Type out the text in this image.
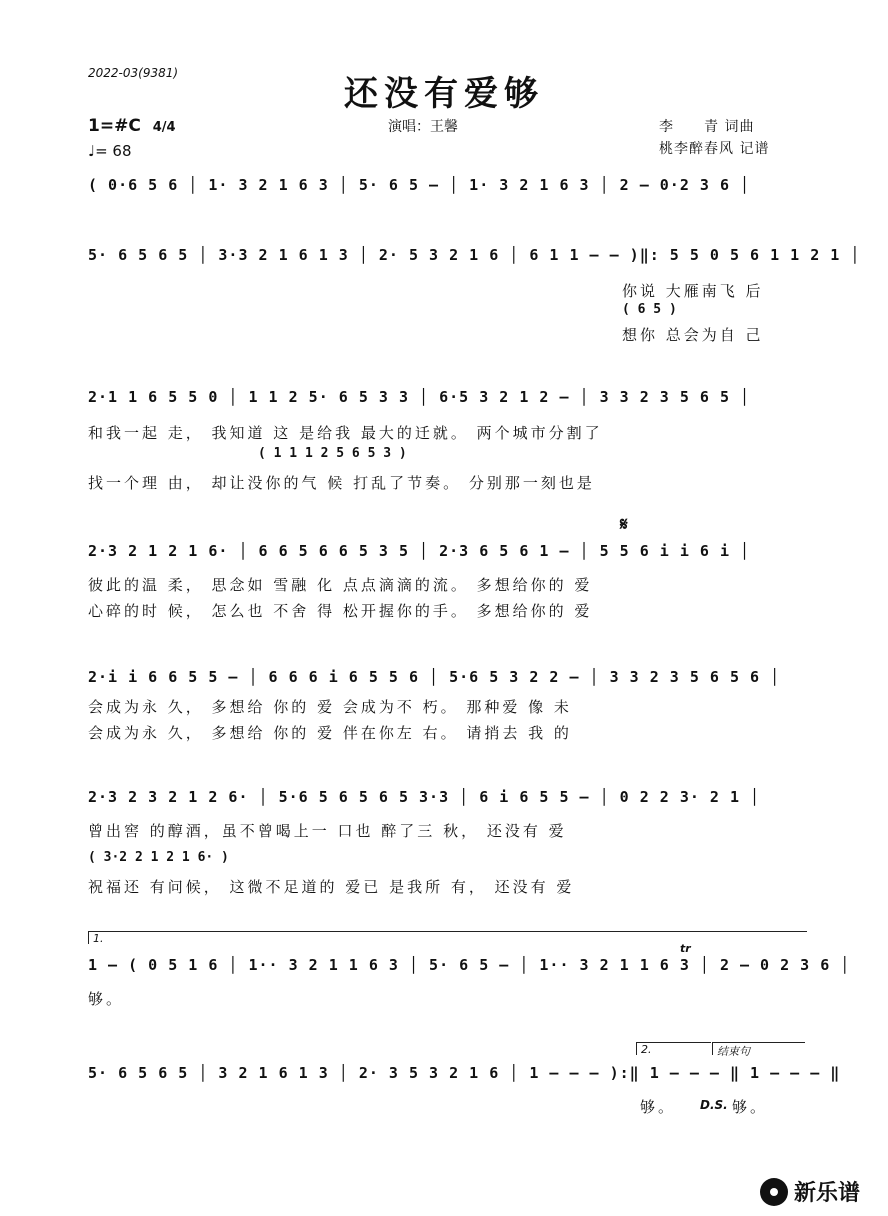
2022-03(9381)
还没有爱够
1=#C 4/4
♩= 68
演唱：王馨	李　　青 词曲
桃李醉春风 记谱
( 0·6 5 6 │ 1· 3 2 1 6 3 │ 5· 6 5 – │ 1· 3 2 1 6 3 │ 2 – 0·2 3 6 │
5· 6 5 6 5 │ 3·3 2 1 6 1 3 │ 2· 5 3 2 1 6 │ 6 1 1 – – )‖: 5 5 0 5 6 1 1 2 1 │
你说 大雁南飞 后
( 6 5 )
想你 总会为自 己
2·1 1 6 5 5 0 │ 1 1 2 5· 6 5 3 3 │ 6·5 3 2 1 2 – │ 3 3 2 3 5 6 5 │
和我一起 走， 我知道 这 是给我 最大的迁就。 两个城市分割了
( 1 1 1 2 5 6 5 3 )
找一个理 由， 却让没你的气 候 打乱了节奏。 分别那一刻也是
𝄋
2·3 2 1 2 1 6· │ 6 6 5 6 6 5 3 5 │ 2·3 6 5 6 1 – │ 5 5 6 i i 6 i │
彼此的温 柔， 思念如 雪融 化 点点滴滴的流。 多想给你的 爱
心碎的时 候， 怎么也 不舍 得 松开握你的手。 多想给你的 爱
2·i i 6 6 5 5 – │ 6 6 6 i 6 5 5 6 │ 5·6 5 3 2 2 – │ 3 3 2 3 5 6 5 6 │
会成为永 久， 多想给 你的 爱 会成为不 朽。 那种爱 像 未
会成为永 久， 多想给 你的 爱 伴在你左 右。 请捎去 我 的
2·3 2 3 2 1 2 6· │ 5·6 5 6 5 6 5 3·3 │ 6 i 6 5 5 – │ 0 2 2 3· 2 1 │
曾出窖 的醇酒，虽不曾喝上一 口也 醉了三 秋， 还没有 爱
( 3·2 2 1 2 1 6· )
祝福还 有问候， 这微不足道的 爱已 是我所 有， 还没有 爱
1.
tr
1 – ( 0 5 1 6 │ 1·· 3 2 1 1 6 3 │ 5· 6 5 – │ 1·· 3 2 1 1 6 3 │ 2 – 0 2 3 6 │
够。
2.	结束句
5· 6 5 6 5 │ 3 2 1 6 1 3 │ 2· 3 5 3 2 1 6 │ 1 – – – ):‖ 1 – – – ‖ 1 – – – ‖
够。 D.S. 够。
新乐谱
